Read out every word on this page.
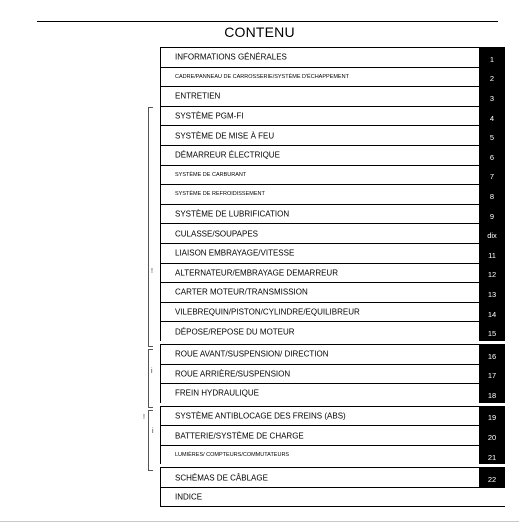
CONTENU
!
i
!
i
INFORMATIONS GÉNÉRALES	1
CADRE/PANNEAU DE CARROSSERIE/SYSTÈME D'ÉCHAPPEMENT	2
ENTRETIEN	3
SYSTÈME PGM-FI	4
SYSTÈME DE MISE À FEU	5
DÉMARREUR ÉLECTRIQUE	6
SYSTÈME DE CARBURANT	7
SYSTÈME DE REFROIDISSEMENT	8
SYSTÈME DE LUBRIFICATION	9
CULASSE/SOUPAPES	dix
LIAISON EMBRAYAGE/VITESSE	11
ALTERNATEUR/EMBRAYAGE DEMARREUR	12
CARTER MOTEUR/TRANSMISSION	13
VILEBREQUIN/PISTON/CYLINDRE/EQUILIBREUR	14
DÉPOSE/REPOSE DU MOTEUR	15
ROUE AVANT/SUSPENSION/ DIRECTION	16
ROUE ARRIÈRE/SUSPENSION	17
FREIN HYDRAULIQUE	18
SYSTÈME ANTIBLOCAGE DES FREINS (ABS)	19
BATTERIE/SYSTÈME DE CHARGE	20
LUMIÈRES/ COMPTEURS/COMMUTATEURS	21
SCHÉMAS DE CÂBLAGE	22
INDICE
